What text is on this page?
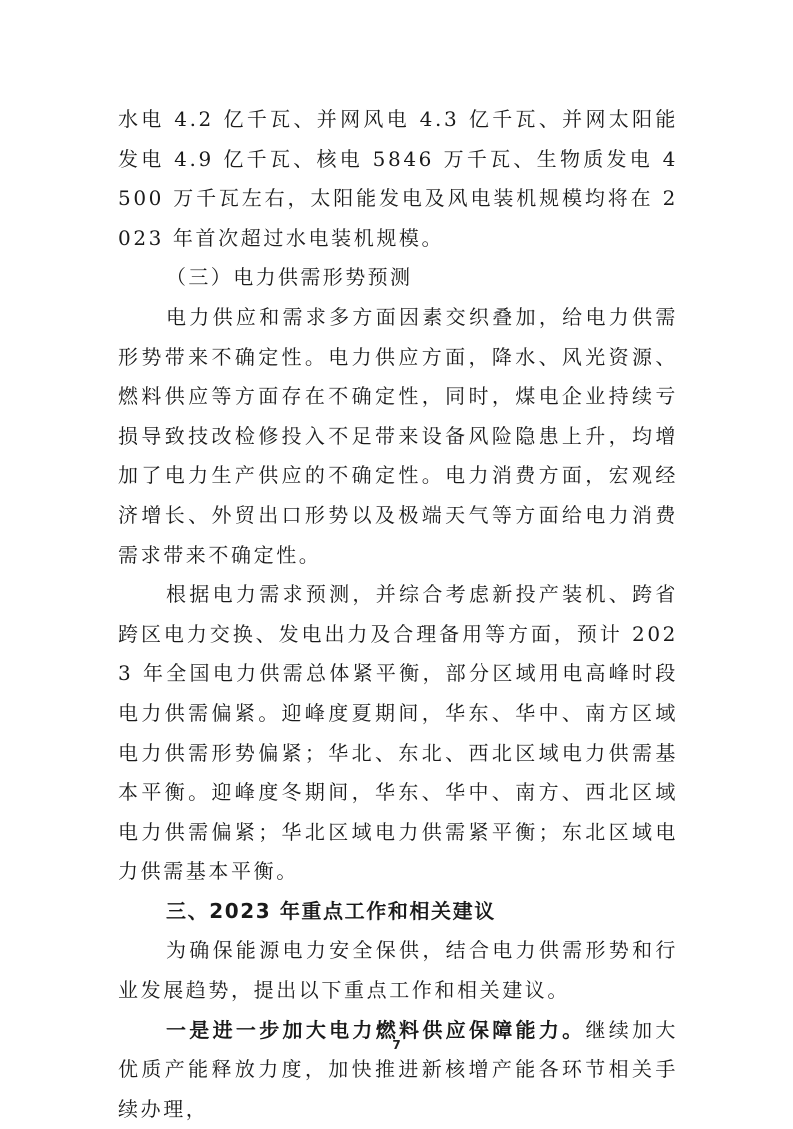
水电 4.2 亿千瓦、并网风电 4.3 亿千瓦、并网太阳能发电 4.9 亿千瓦、核电 5846 万千瓦、生物质发电 4500 万千瓦左右，太阳能发电及风电装机规模均将在 2023 年首次超过水电装机规模。

（三）电力供需形势预测

电力供应和需求多方面因素交织叠加，给电力供需形势带来不确定性。电力供应方面，降水、风光资源、燃料供应等方面存在不确定性，同时，煤电企业持续亏损导致技改检修投入不足带来设备风险隐患上升，均增加了电力生产供应的不确定性。电力消费方面，宏观经济增长、外贸出口形势以及极端天气等方面给电力消费需求带来不确定性。

根据电力需求预测，并综合考虑新投产装机、跨省跨区电力交换、发电出力及合理备用等方面，预计 2023 年全国电力供需总体紧平衡，部分区域用电高峰时段电力供需偏紧。迎峰度夏期间，华东、华中、南方区域电力供需形势偏紧；华北、东北、西北区域电力供需基本平衡。迎峰度冬期间，华东、华中、南方、西北区域电力供需偏紧；华北区域电力供需紧平衡；东北区域电力供需基本平衡。

三、2023 年重点工作和相关建议

为确保能源电力安全保供，结合电力供需形势和行业发展趋势，提出以下重点工作和相关建议。

一是进一步加大电力燃料供应保障能力。继续加大优质产能释放力度，加快推进新核增产能各环节相关手续办理，

7
